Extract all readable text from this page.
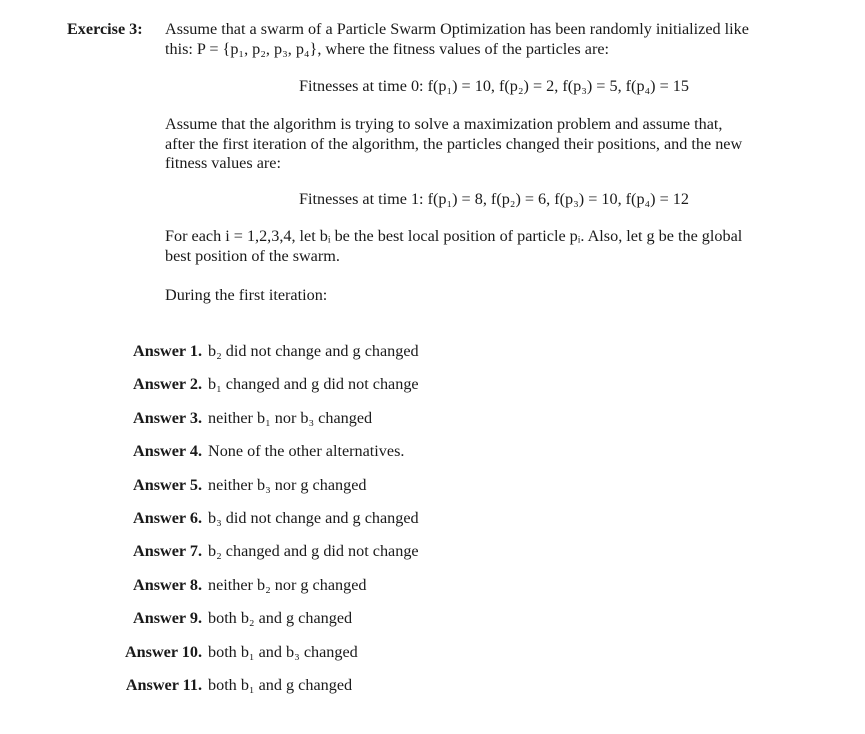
Exercise 3: Assume that a swarm of a Particle Swarm Optimization has been randomly initialized like
this: P = {p₁, p₂, p₃, p₄}, where the fitness values of the particles are:
Fitnesses at time 0: f(p₁) = 10, f(p₂) = 2, f(p₃) = 5, f(p₄) = 15
Assume that the algorithm is trying to solve a maximization problem and assume that,
after the first iteration of the algorithm, the particles changed their positions, and the new
fitness values are:
Fitnesses at time 1: f(p₁) = 8, f(p₂) = 6, f(p₃) = 10, f(p₄) = 12
For each i = 1,2,3,4, let bᵢ be the best local position of particle pᵢ. Also, let g be the global
best position of the swarm.
During the first iteration:
Answer 1. b₂ did not change and g changed
Answer 2. b₁ changed and g did not change
Answer 3. neither b₁ nor b₃ changed
Answer 4. None of the other alternatives.
Answer 5. neither b₃ nor g changed
Answer 6. b₃ did not change and g changed
Answer 7. b₂ changed and g did not change
Answer 8. neither b₂ nor g changed
Answer 9. both b₂ and g changed
Answer 10. both b₁ and b₃ changed
Answer 11. both b₁ and g changed
